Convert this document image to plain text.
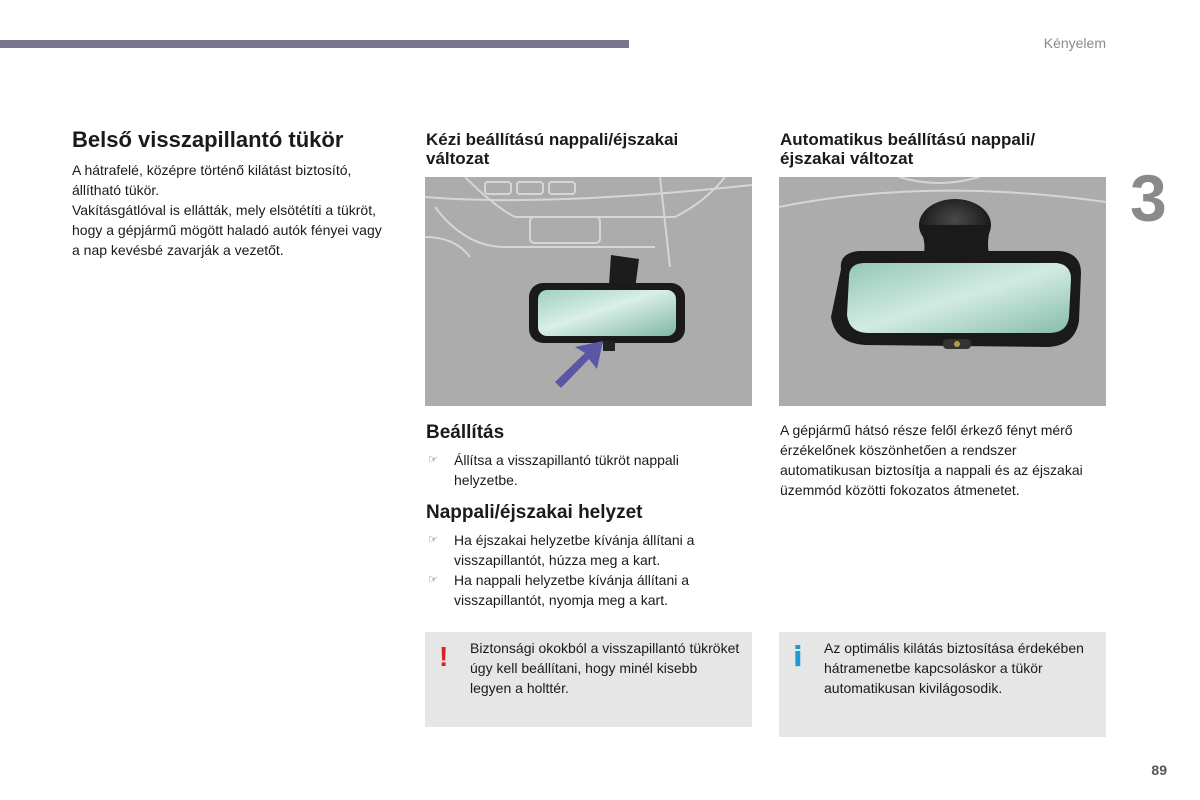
Kényelem
3
Belső visszapillantó tükör

A hátrafelé, középre történő kilátást biztosító, állítható tükör.
Vakításgátlóval is ellátták, mely elsötétíti a tükröt, hogy a gépjármű mögött haladó autók fényei vagy a nap kevésbé zavarják a vezetőt.

Kézi beállítású nappali/éjszakai változat
Automatikus beállítású nappali/ éjszakai változat
Beállítás
☞ Állítsa a visszapillantó tükröt nappali helyzetbe.
Nappali/éjszakai helyzet
☞ Ha éjszakai helyzetbe kívánja állítani a visszapillantót, húzza meg a kart.
☞ Ha nappali helyzetbe kívánja állítani a visszapillantót, nyomja meg a kart.

A gépjármű hátsó része felől érkező fényt mérő érzékelőnek köszönhetően a rendszer automatikusan biztosítja a nappali és az éjszakai üzemmód közötti fokozatos átmenetet.

! Biztonsági okokból a visszapillantó tükröket úgy kell beállítani, hogy minél kisebb legyen a holttér.

i Az optimális kilátás biztosítása érdekében hátramenetbe kapcsoláskor a tükör automatikusan kivilágosodik.

89
